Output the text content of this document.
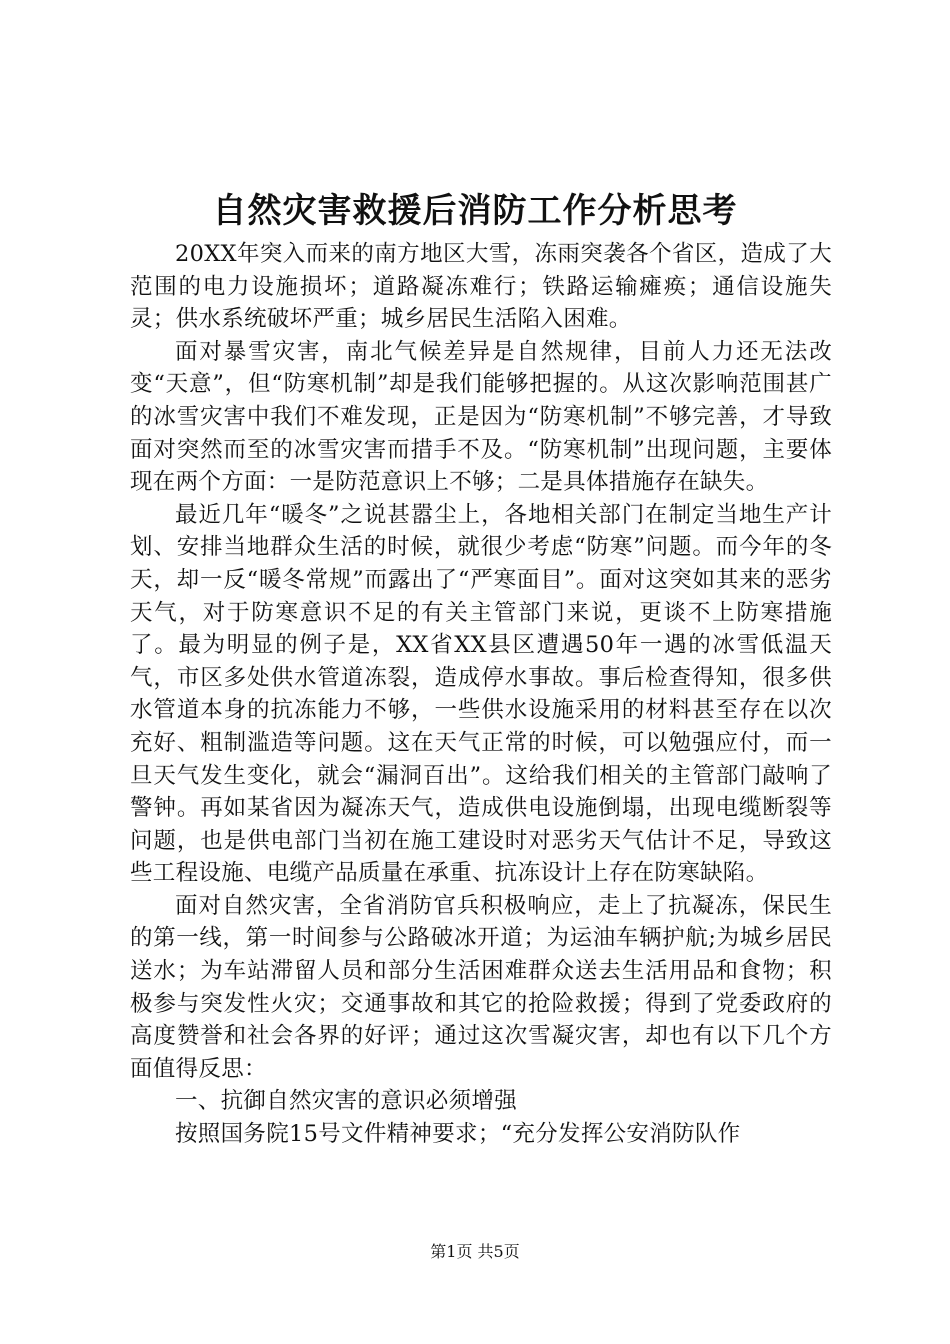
自然灾害救援后消防工作分析思考

20XX年突入而来的南方地区大雪，冻雨突袭各个省区，造成了大范围的电力设施损坏；道路凝冻难行；铁路运输瘫痪；通信设施失灵；供水系统破坏严重；城乡居民生活陷入困难。

面对暴雪灾害，南北气候差异是自然规律，目前人力还无法改变“天意”，但“防寒机制”却是我们能够把握的。从这次影响范围甚广的冰雪灾害中我们不难发现，正是因为“防寒机制”不够完善，才导致面对突然而至的冰雪灾害而措手不及。“防寒机制”出现问题，主要体现在两个方面：一是防范意识上不够；二是具体措施存在缺失。

最近几年“暖冬”之说甚嚣尘上，各地相关部门在制定当地生产计划、安排当地群众生活的时候，就很少考虑“防寒”问题。而今年的冬天，却一反“暖冬常规”而露出了“严寒面目”。面对这突如其来的恶劣天气，对于防寒意识不足的有关主管部门来说，更谈不上防寒措施了。最为明显的例子是，XX省XX县区遭遇50年一遇的冰雪低温天气，市区多处供水管道冻裂，造成停水事故。事后检查得知，很多供水管道本身的抗冻能力不够，一些供水设施采用的材料甚至存在以次充好、粗制滥造等问题。这在天气正常的时候，可以勉强应付，而一旦天气发生变化，就会“漏洞百出”。这给我们相关的主管部门敲响了警钟。再如某省因为凝冻天气，造成供电设施倒塌，出现电缆断裂等问题，也是供电部门当初在施工建设时对恶劣天气估计不足，导致这些工程设施、电缆产品质量在承重、抗冻设计上存在防寒缺陷。

面对自然灾害，全省消防官兵积极响应，走上了抗凝冻，保民生的第一线，第一时间参与公路破冰开道；为运油车辆护航;为城乡居民送水；为车站滞留人员和部分生活困难群众送去生活用品和食物；积极参与突发性火灾；交通事故和其它的抢险救援；得到了党委政府的高度赞誉和社会各界的好评；通过这次雪凝灾害，却也有以下几个方面值得反思：

一、抗御自然灾害的意识必须增强

按照国务院15号文件精神要求；“充分发挥公安消防队作

第1页 共5页
